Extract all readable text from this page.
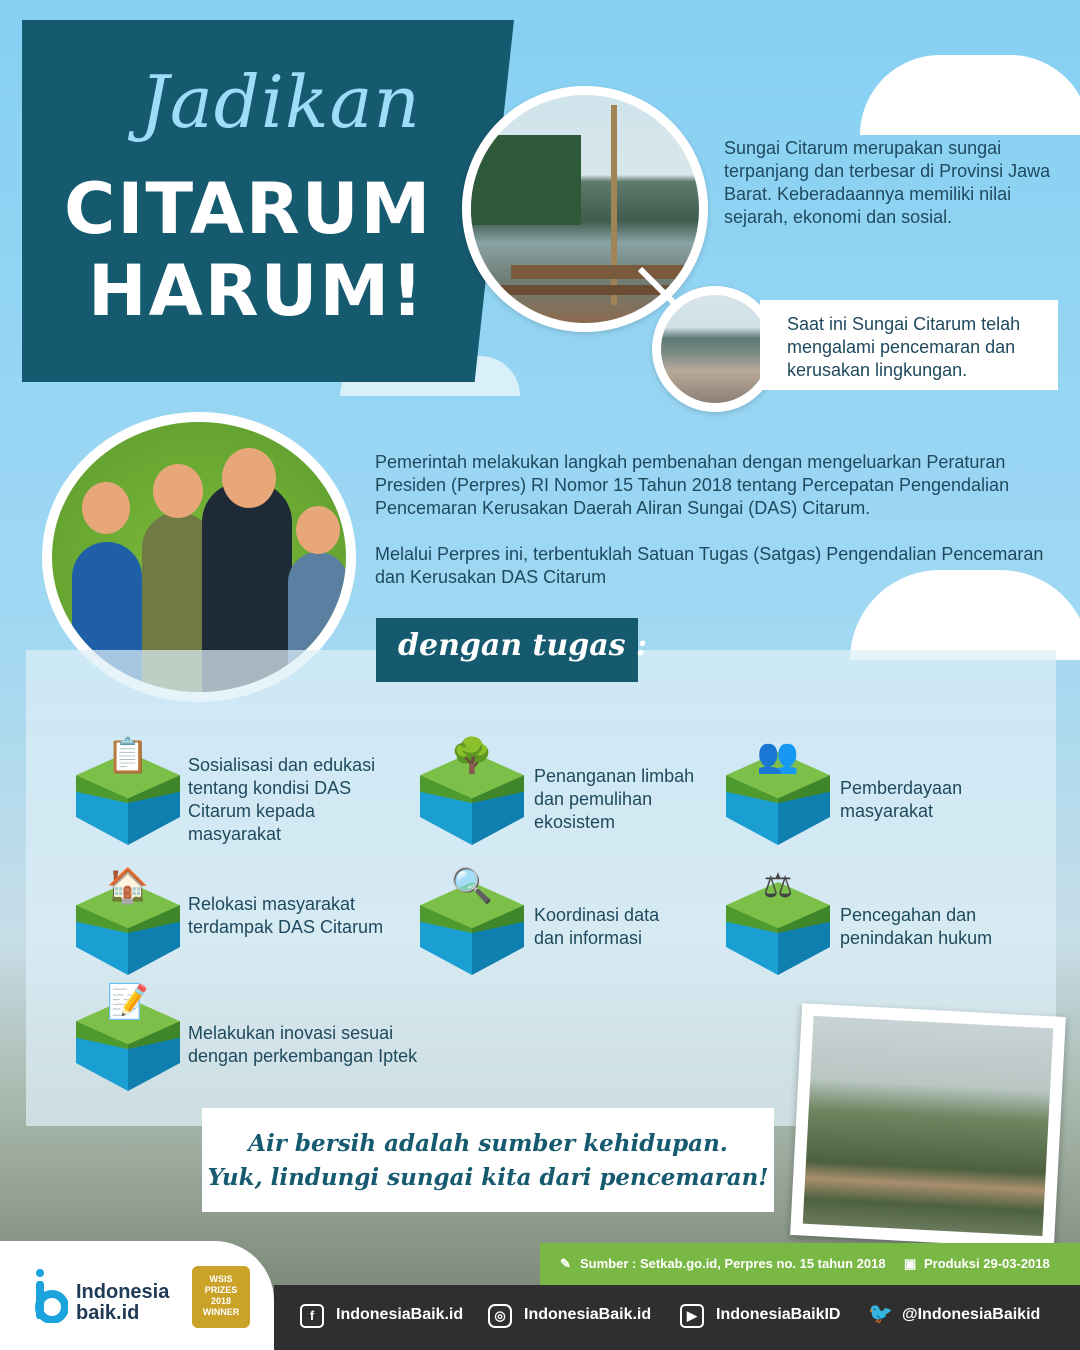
Jadikan
CITARUM
HARUM!
Sungai Citarum merupakan sungai terpanjang dan terbesar di Provinsi Jawa Barat. Keberadaannya memiliki nilai sejarah, ekonomi dan sosial.
Saat ini Sungai Citarum telah mengalami pencemaran dan kerusakan lingkungan.
Pemerintah melakukan langkah pembenahan dengan mengeluarkan Peraturan Presiden (Perpres) RI Nomor 15 Tahun 2018 tentang Percepatan Pengendalian Pencemaran Kerusakan Daerah Aliran Sungai (DAS) Citarum.
Melalui Perpres ini, terbentuklah Satuan Tugas (Satgas) Pengendalian Pencemaran dan Kerusakan DAS Citarum
dengan tugas :
📋 Sosialisasi dan edukasi tentang kondisi DAS Citarum kepada masyarakat
🌳
Penanganan limbah dan pemulihan ekosistem
👥
Pemberdayaan masyarakat
🏠 Relokasi masyarakat terdampak DAS Citarum
🔍
Koordinasi data dan informasi
⚖
Pencegahan dan penindakan hukum
📝
Melakukan inovasi sesuai dengan perkembangan Iptek
Air bersih adalah sumber kehidupan.
Yuk, lindungi sungai kita dari pencemaran!
✎ Sumber : Setkab.go.id, Perpres no. 15 tahun 2018 ▣ Produksi 29-03-2018
f	IndonesiaBaik.id	◎	IndonesiaBaik.id	▶	IndonesiaBaikID 🐦 @IndonesiaBaikid
Indonesia
baik.id
WSIS
PRIZES
2018
WINNER
